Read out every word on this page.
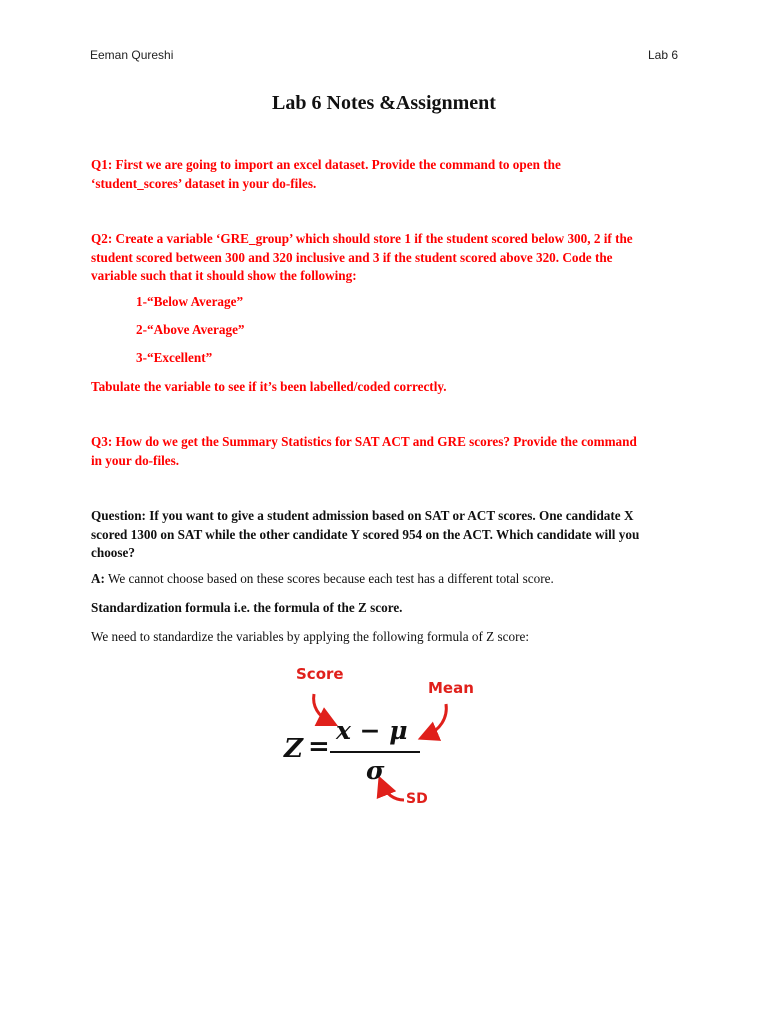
Eeman Qureshi	Lab 6
Lab 6 Notes &Assignment
Q1: First we are going to import an excel dataset. Provide the command to open the
‘student_scores’ dataset in your do-files.
Q2: Create a variable ‘GRE_group’ which should store 1 if the student scored below 300, 2 if the
student scored between 300 and 320 inclusive and 3 if the student scored above 320. Code the
variable such that it should show the following:
1-“Below Average”
2-“Above Average”
3-“Excellent”
Tabulate the variable to see if it’s been labelled/coded correctly.
Q3: How do we get the Summary Statistics for SAT ACT and GRE scores? Provide the command
in your do-files.
Question: If you want to give a student admission based on SAT or ACT scores. One candidate X
scored 1300 on SAT while the other candidate Y scored 954 on the ACT. Which candidate will you
choose?
A: We cannot choose based on these scores because each test has a different total score.
Standardization formula i.e. the formula of the Z score.
We need to standardize the variables by applying the following formula of Z score:
Score
Mean
SD
Z =
x − μ
σ
